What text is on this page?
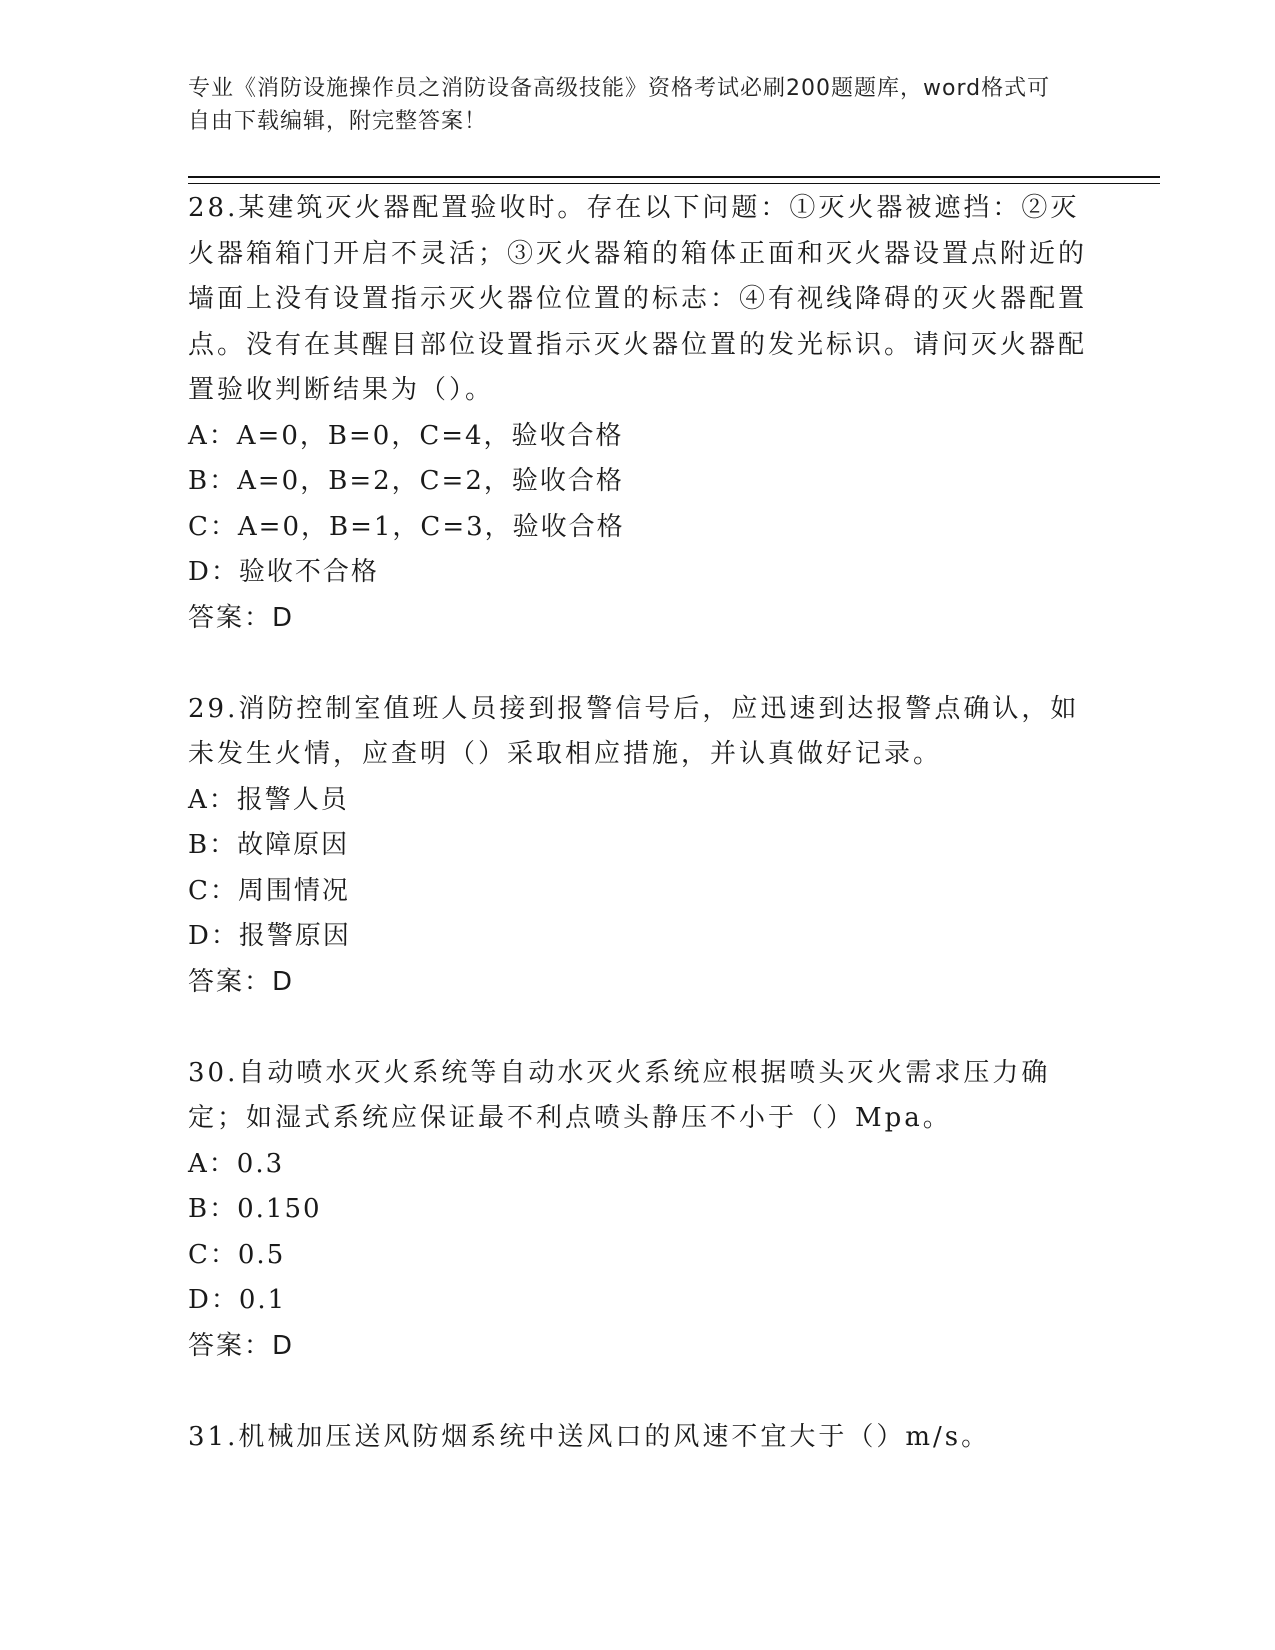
专业《消防设施操作员之消防设备高级技能》资格考试必刷200题题库，word格式可自由下载编辑，附完整答案！
28.某建筑灭火器配置验收时。存在以下问题：①灭火器被遮挡：②灭火器箱箱门开启不灵活；③灭火器箱的箱体正面和灭火器设置点附近的墙面上没有设置指示灭火器位位置的标志：④有视线降碍的灭火器配置点。没有在其醒目部位设置指示灭火器位置的发光标识。请问灭火器配置验收判断结果为（）。
A：A=0，B=0，C=4，验收合格
B：A=0，B=2，C=2，验收合格
C：A=0，B=1，C=3，验收合格
D：验收不合格
答案：D
29.消防控制室值班人员接到报警信号后，应迅速到达报警点确认，如未发生火情，应查明（）采取相应措施，并认真做好记录。
A：报警人员
B：故障原因
C：周围情况
D：报警原因
答案：D
30.自动喷水灭火系统等自动水灭火系统应根据喷头灭火需求压力确定；如湿式系统应保证最不利点喷头静压不小于（）Mpa。
A：0.3
B：0.150
C：0.5
D：0.1
答案：D
31.机械加压送风防烟系统中送风口的风速不宜大于（）m/s。
